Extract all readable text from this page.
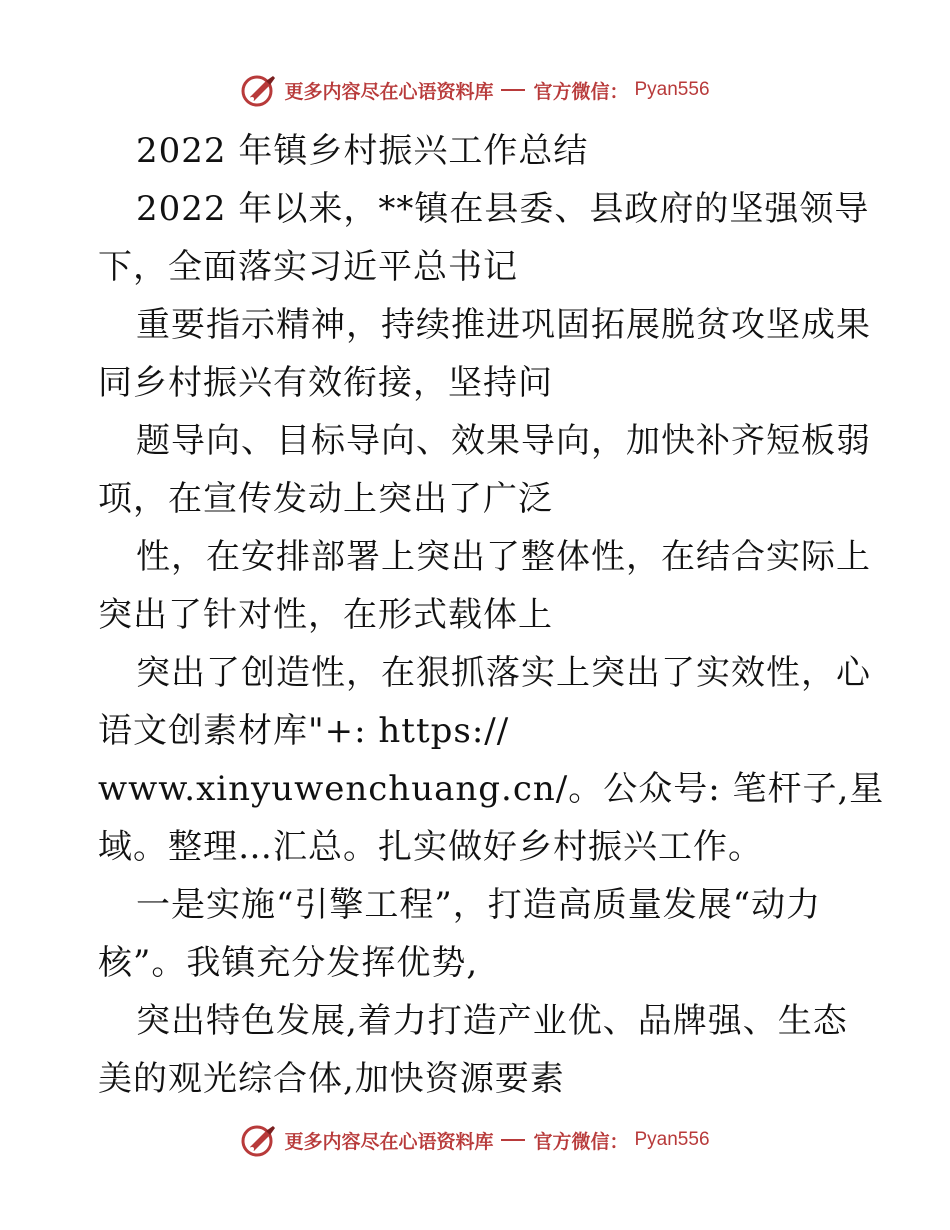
更多内容尽在心语资料库 官方微信： Pyan556
2022 年镇乡村振兴工作总结
2022 年以来，**镇在县委、县政府的坚强领导
下，全面落实习近平总书记
重要指示精神，持续推进巩固拓展脱贫攻坚成果
同乡村振兴有效衔接，坚持问
题导向、目标导向、效果导向，加快补齐短板弱
项，在宣传发动上突出了广泛
性，在安排部署上突出了整体性，在结合实际上
突出了针对性，在形式载体上
突出了创造性，在狠抓落实上突出了实效性，心
语文创素材库"+: https://
www.xinyuwenchuang.cn/。公众号: 笔杆子,星
域。整理…汇总。扎实做好乡村振兴工作。
一是实施“引擎工程”，打造高质量发展“动力
核”。我镇充分发挥优势,
突出特色发展,着力打造产业优、品牌强、生态
美的观光综合体,加快资源要素
更多内容尽在心语资料库 官方微信： Pyan556
